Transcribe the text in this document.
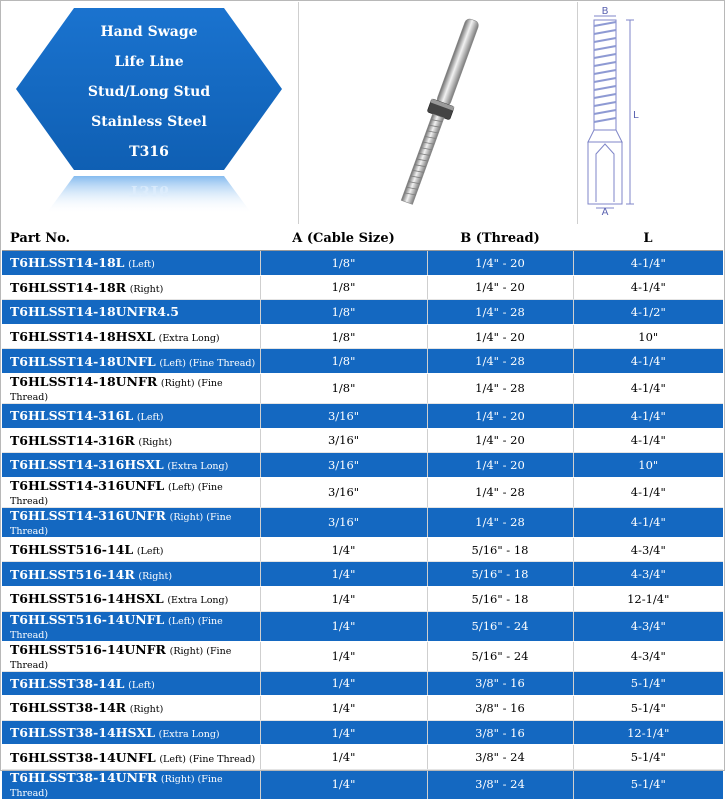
Hand Swage
Life Line
Stud/Long Stud
Stainless Steel
T316
T316
B
L
A
Part No.	A (Cable Size)	B (Thread)	L
T6HLSST14-18L (Left)	1/8"	1/4" - 20	4-1/4"
T6HLSST14-18R (Right)	1/8"	1/4" - 20	4-1/4"
T6HLSST14-18UNFR4.5	1/8"	1/4" - 28	4-1/2"
T6HLSST14-18HSXL (Extra Long)	1/8"	1/4" - 20	10"
T6HLSST14-18UNFL (Left) (Fine Thread)	1/8"	1/4" - 28	4-1/4"
T6HLSST14-18UNFR (Right) (Fine Thread)	1/8"	1/4" - 28	4-1/4"
T6HLSST14-316L (Left)	3/16"	1/4" - 20	4-1/4"
T6HLSST14-316R (Right)	3/16"	1/4" - 20	4-1/4"
T6HLSST14-316HSXL (Extra Long)	3/16"	1/4" - 20	10"
T6HLSST14-316UNFL (Left) (Fine Thread)	3/16"	1/4" - 28	4-1/4"
T6HLSST14-316UNFR (Right) (Fine Thread)	3/16"	1/4" - 28	4-1/4"
T6HLSST516-14L (Left)	1/4"	5/16" - 18	4-3/4"
T6HLSST516-14R (Right)	1/4"	5/16" - 18	4-3/4"
T6HLSST516-14HSXL (Extra Long)	1/4"	5/16" - 18	12-1/4"
T6HLSST516-14UNFL (Left) (Fine Thread)	1/4"	5/16" - 24	4-3/4"
T6HLSST516-14UNFR (Right) (Fine Thread)	1/4"	5/16" - 24	4-3/4"
T6HLSST38-14L (Left)	1/4"	3/8" - 16	5-1/4"
T6HLSST38-14R (Right)	1/4"	3/8" - 16	5-1/4"
T6HLSST38-14HSXL (Extra Long)	1/4"	3/8" - 16	12-1/4"
T6HLSST38-14UNFL (Left) (Fine Thread)	1/4"	3/8" - 24	5-1/4"
T6HLSST38-14UNFR (Right) (Fine Thread)	1/4"	3/8" - 24	5-1/4"
